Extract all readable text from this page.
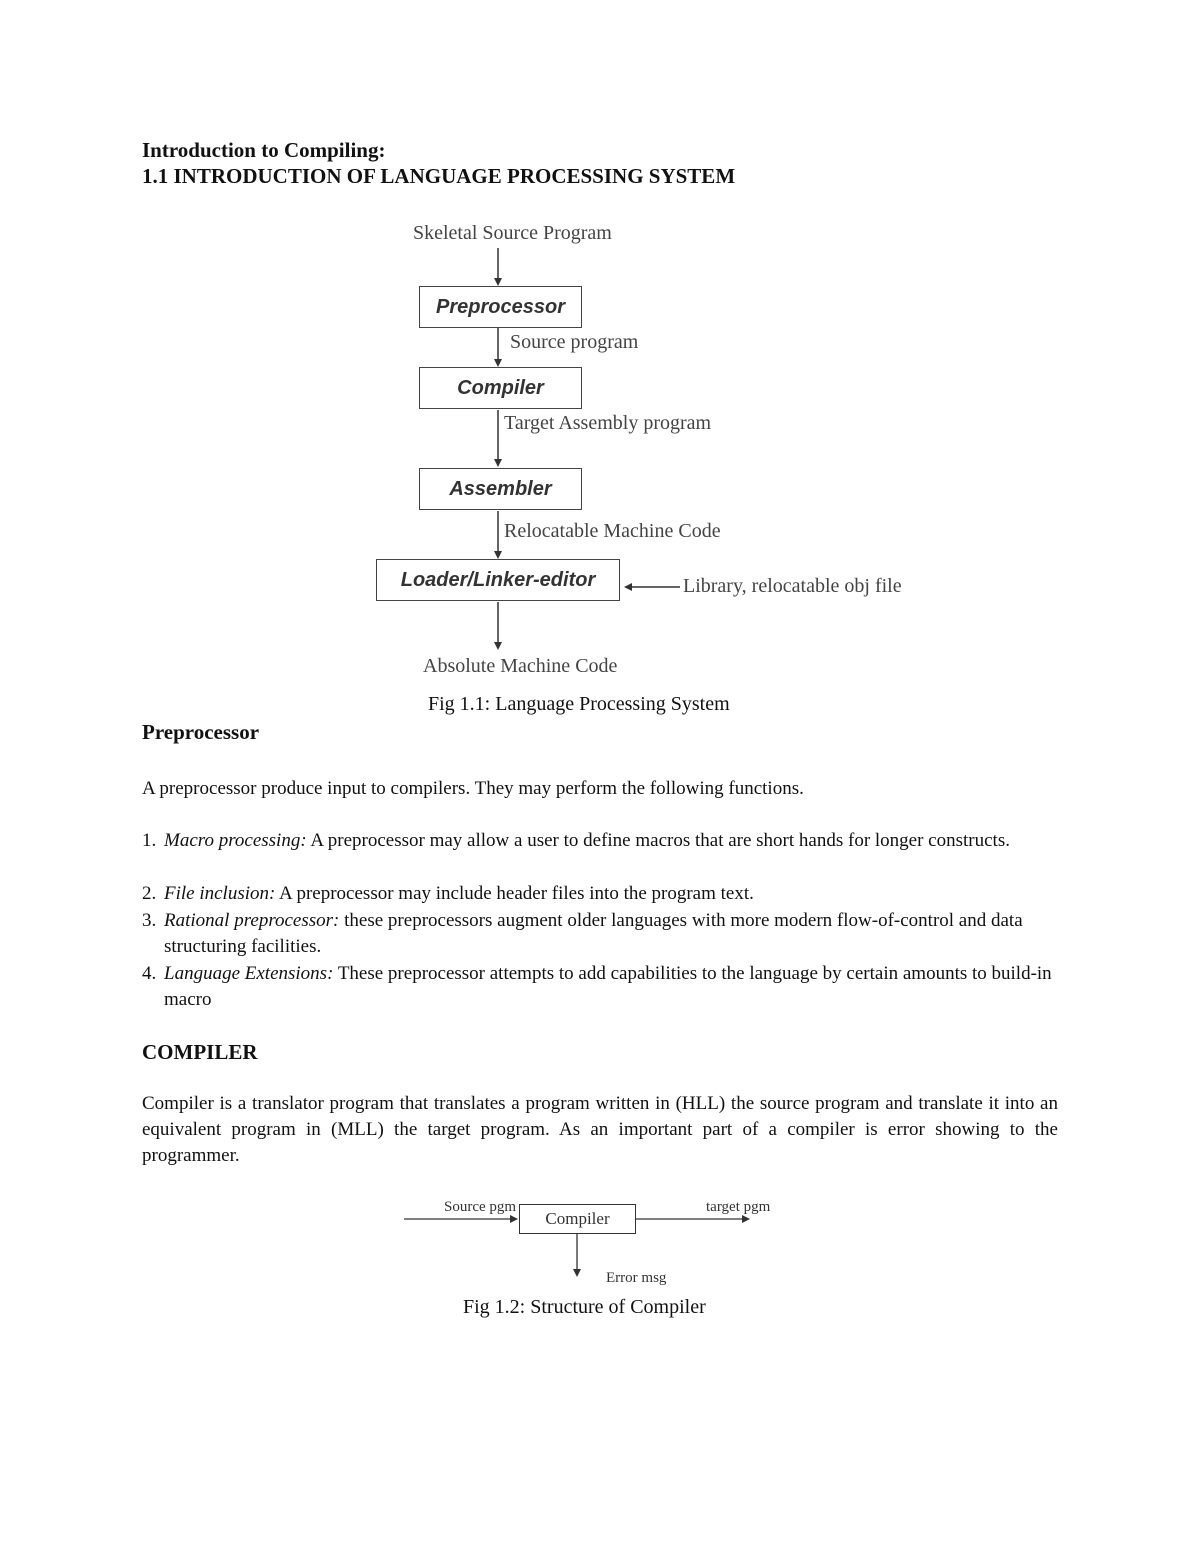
Introduction to Compiling:
1.1 INTRODUCTION OF LANGUAGE PROCESSING SYSTEM
Skeletal Source Program
Preprocessor
Source program
Compiler
Target Assembly program
Assembler
Relocatable Machine Code
Loader/Linker-editor	Library, relocatable obj file
Absolute Machine Code
Fig 1.1: Language Processing System
Preprocessor
A preprocessor produce input to compilers. They may perform the following functions.
1. Macro processing: A preprocessor may allow a user to define macros that are short hands for longer constructs.
2. File inclusion: A preprocessor may include header files into the program text.
3. Rational preprocessor: these preprocessors augment older languages with more modern flow-of-control and data structuring facilities.
4. Language Extensions: These preprocessor attempts to add capabilities to the language by certain amounts to build-in macro
COMPILER
Compiler is a translator program that translates a program written in (HLL) the source program and translate it into an equivalent program in (MLL) the target program. As an important part of a compiler is error showing to the programmer.
Source pgm
Compiler
target pgm
Error msg
Fig 1.2: Structure of Compiler
